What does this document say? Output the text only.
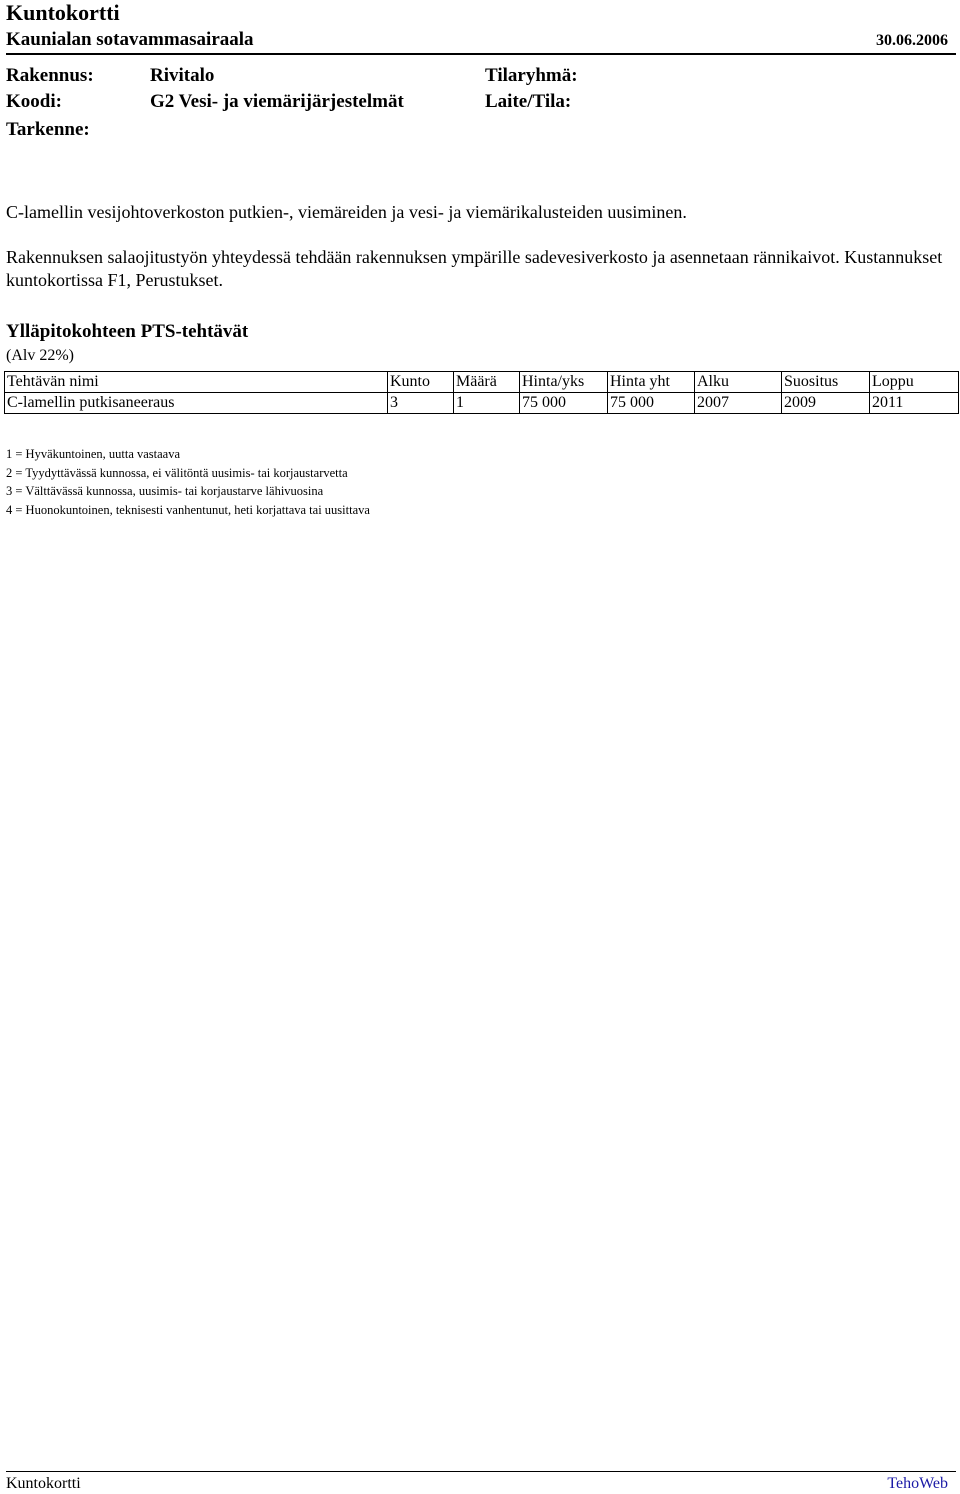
Kuntokortti
Kaunialan sotavammasairaala	30.06.2006
Rakennus:	Rivitalo	Tilaryhmä:
Koodi:	G2 Vesi- ja viemärijärjestelmät	Laite/Tila:
Tarkenne:
C-lamellin vesijohtoverkoston putkien-, viemäreiden ja vesi- ja viemärikalusteiden uusiminen.
Rakennuksen salaojitustyön yhteydessä tehdään rakennuksen ympärille sadevesiverkosto ja asennetaan rännikaivot. Kustannukset kuntokortissa F1, Perustukset.
Ylläpitokohteen PTS-tehtävät
(Alv 22%)
Tehtävän nimi	Kunto	Määrä	Hinta/yks	Hinta yht	Alku	Suositus	Loppu
C-lamellin putkisaneeraus	3	1	75 000	75 000	2007	2009	2011
1 = Hyväkuntoinen, uutta vastaava
2 = Tyydyttävässä kunnossa, ei välitöntä uusimis- tai korjaustarvetta
3 = Välttävässä kunnossa, uusimis- tai korjaustarve lähivuosina
4 = Huonokuntoinen, teknisesti vanhentunut, heti korjattava tai uusittava
Kuntokortti	TehoWeb
